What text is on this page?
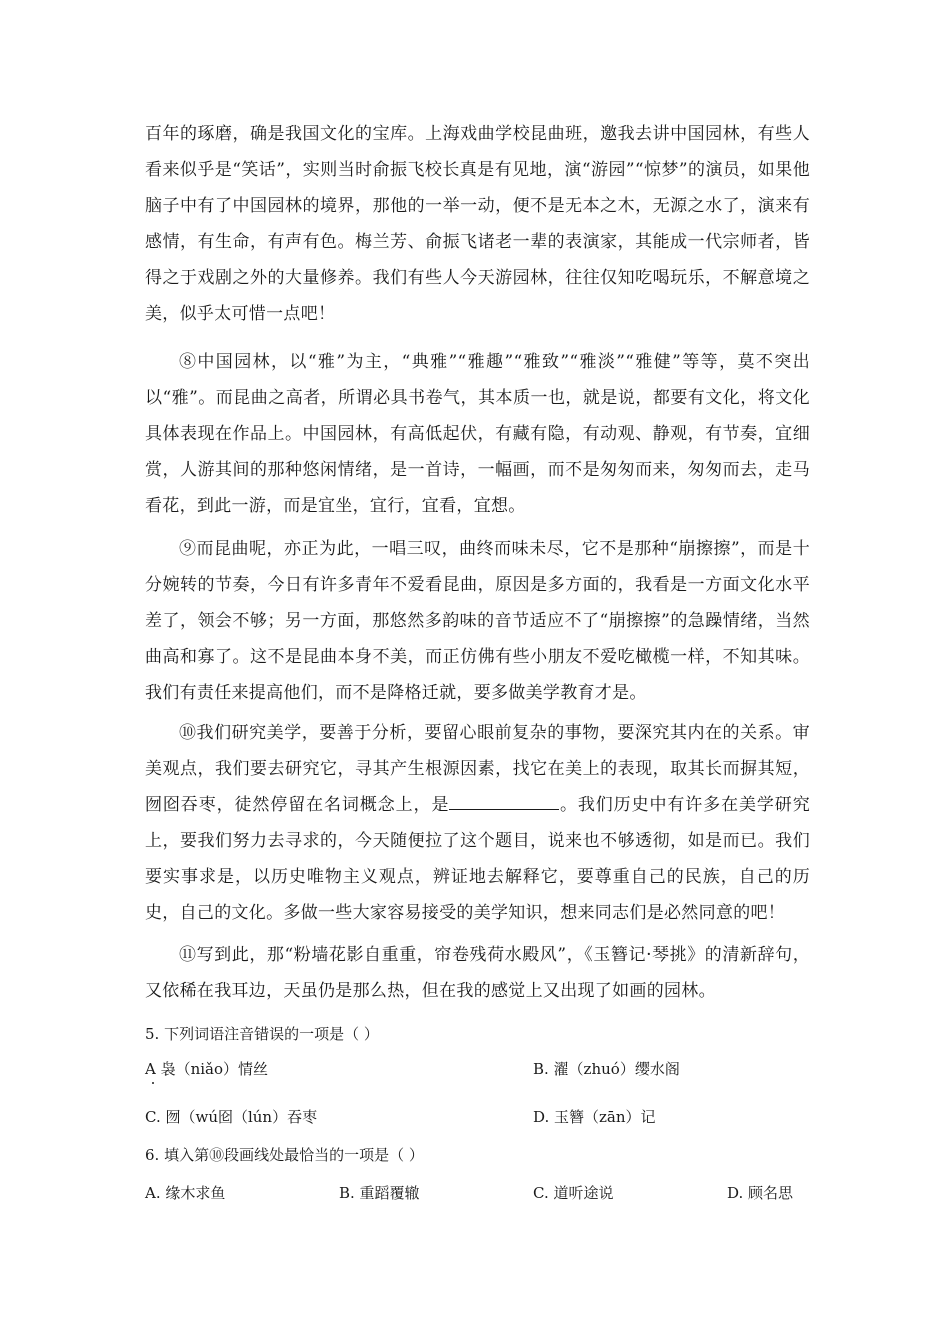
百年的琢磨，确是我国文化的宝库。上海戏曲学校昆曲班，邀我去讲中国园林，有些人看来似乎是“笑话”，实则当时俞振飞校长真是有见地，演“游园”“惊梦”的演员，如果他脑子中有了中国园林的境界，那他的一举一动，便不是无本之木，无源之水了，演来有感情，有生命，有声有色。梅兰芳、俞振飞诸老一辈的表演家，其能成一代宗师者，皆得之于戏剧之外的大量修养。我们有些人今天游园林，往往仅知吃喝玩乐，不解意境之美，似乎太可惜一点吧！

⑧中国园林，以“雅”为主，“典雅”“雅趣”“雅致”“雅淡”“雅健”等等，莫不突出以“雅”。而昆曲之高者，所谓必具书卷气，其本质一也，就是说，都要有文化，将文化具体表现在作品上。中国园林，有高低起伏，有藏有隐，有动观、静观，有节奏，宜细赏，人游其间的那种悠闲情绪，是一首诗，一幅画，而不是匆匆而来，匆匆而去，走马看花，到此一游，而是宜坐，宜行，宜看，宜想。

⑨而昆曲呢，亦正为此，一唱三叹，曲终而味未尽，它不是那种“崩擦擦”，而是十分婉转的节奏，今日有许多青年不爱看昆曲，原因是多方面的，我看是一方面文化水平差了，领会不够；另一方面，那悠然多韵味的音节适应不了“崩擦擦”的急躁情绪，当然曲高和寡了。这不是昆曲本身不美，而正仿佛有些小朋友不爱吃橄榄一样，不知其味。我们有责任来提高他们，而不是降格迁就，要多做美学教育才是。

⑩我们研究美学，要善于分析，要留心眼前复杂的事物，要深究其内在的关系。审美观点，我们要去研究它，寻其产生根源因素，找它在美上的表现，取其长而摒其短，囫囵吞枣，徒然停留在名词概念上，是	。我们历史中有许多在美学研究上，要我们努力去寻求的，今天随便拉了这个题目，说来也不够透彻，如是而已。我们要实事求是，以历史唯物主义观点，辨证地去解释它，要尊重自己的民族，自己的历史，自己的文化。多做一些大家容易接受的美学知识，想来同志们是必然同意的吧！

⑪写到此，那“粉墙花影自重重，帘卷残荷水殿风”，《玉簪记·琴挑》的清新辞句，又依稀在我耳边，天虽仍是那么热，但在我的感觉上又出现了如画的园林。

5. 下列词语注音错误的一项是（ ）
A 袅（niǎo）情丝	B. 濯（zhuó）缨水阁
C. 囫（wú囵（lún）吞枣	D. 玉簪（zān）记
6. 填入第⑩段画线处最恰当的一项是（ ）
A. 缘木求鱼	B. 重蹈覆辙	C. 道听途说	D. 顾名思
